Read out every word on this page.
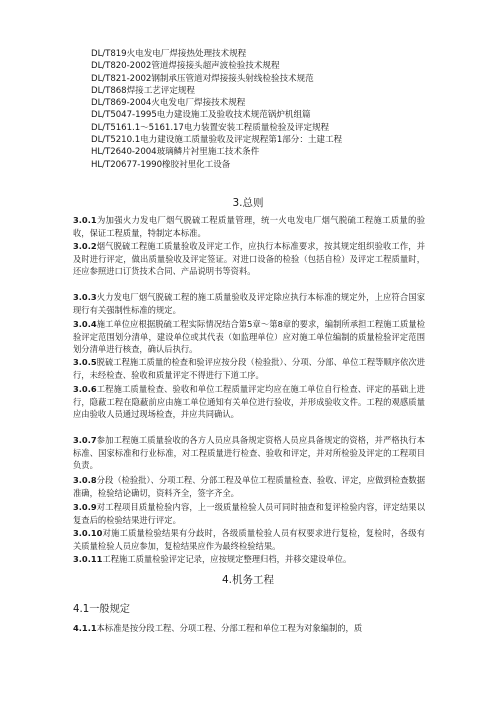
DL/T819火电发电厂焊接热处理技术规程
DL/T820-2002管道焊接接头超声波检验技术规程
DL/T821-2002钢制承压管道对焊接接头射线检验技术规范
DL/T868焊接工艺评定规程
DL/T869-2004火电发电厂焊接技术规程
DL/T5047-1995电力建设施工及验收技术规范锅炉机组篇
DL/T5161.1～5161.17电力装置安装工程质量检验及评定规程
DL/T5210.1电力建设施工质量验收及评定规程第1部分：土建工程
HL/T2640-2004玻璃鳞片衬里施工技术条件
HL/T20677-1990橡胶衬里化工设备
3.总则
3.0.1为加强火力发电厂烟气脱硫工程质量管理，统一火电发电厂烟气脱硫工程施工质量的验收，保证工程质量，特制定本标准。
3.0.2烟气脱硫工程施工质量验收及评定工作，应执行本标准要求，按其规定组织验收工作，并及时进行评定，做出质量验收及评定签证。对进口设备的检验（包括自检）及评定工程质量时，还应参照进口订货技术合同、产品说明书等资料。
3.0.3火力发电厂烟气脱硫工程的施工质量验收及评定除应执行本标准的规定外，上应符合国家现行有关强制性标准的规定。
3.0.4施工单位应根据脱硫工程实际情况结合第5章～第8章的要求，编制所承担工程施工质量检验评定范围划分清单，建设单位或其代表（如监理单位）应对施工单位编制的质量检验评定范围划分清单进行核查，确认后执行。
3.0.5脱硫工程施工质量的检查和验评应按分段（检验批）、分项、分部、单位工程等顺序依次进行，未经检查、验收和质量评定不得进行下道工序。
3.0.6工程施工质量检查、验收和单位工程质量评定均应在施工单位自行检查、评定的基础上进行，隐蔽工程在隐蔽前应由施工单位通知有关单位进行验收，并形成验收文件。工程的观感质量应由验收人员通过现场检查，并应共同确认。
3.0.7参加工程施工质量验收的各方人员应具备规定资格人员应具备规定的资格，并严格执行本标准、国家标准和行业标准，对工程质量进行检查、验收和评定，并对所检验及评定的工程项目负责。
3.0.8分段（检验批）、分项工程、分部工程及单位工程质量检查、验收、评定，应做到检查数据准确，检验结论确切，资料齐全，签字齐全。
3.0.9对工程项目质量检验内容，上一级质量检验人员可同时抽查和复评检验内容，评定结果以复查后的检验结果进行评定。
3.0.10对施工质量检验结果有分歧时，各级质量检验人员有权要求进行复检，复检时，各级有关质量检验人员应参加，复检结果应作为最终检验结果。
3.0.11工程施工质量检验评定记录，应按规定整理归档，并移交建设单位。
4.机务工程
4.1一般规定
4.1.1本标准是按分段工程、分项工程、分部工程和单位工程为对象编制的，质
